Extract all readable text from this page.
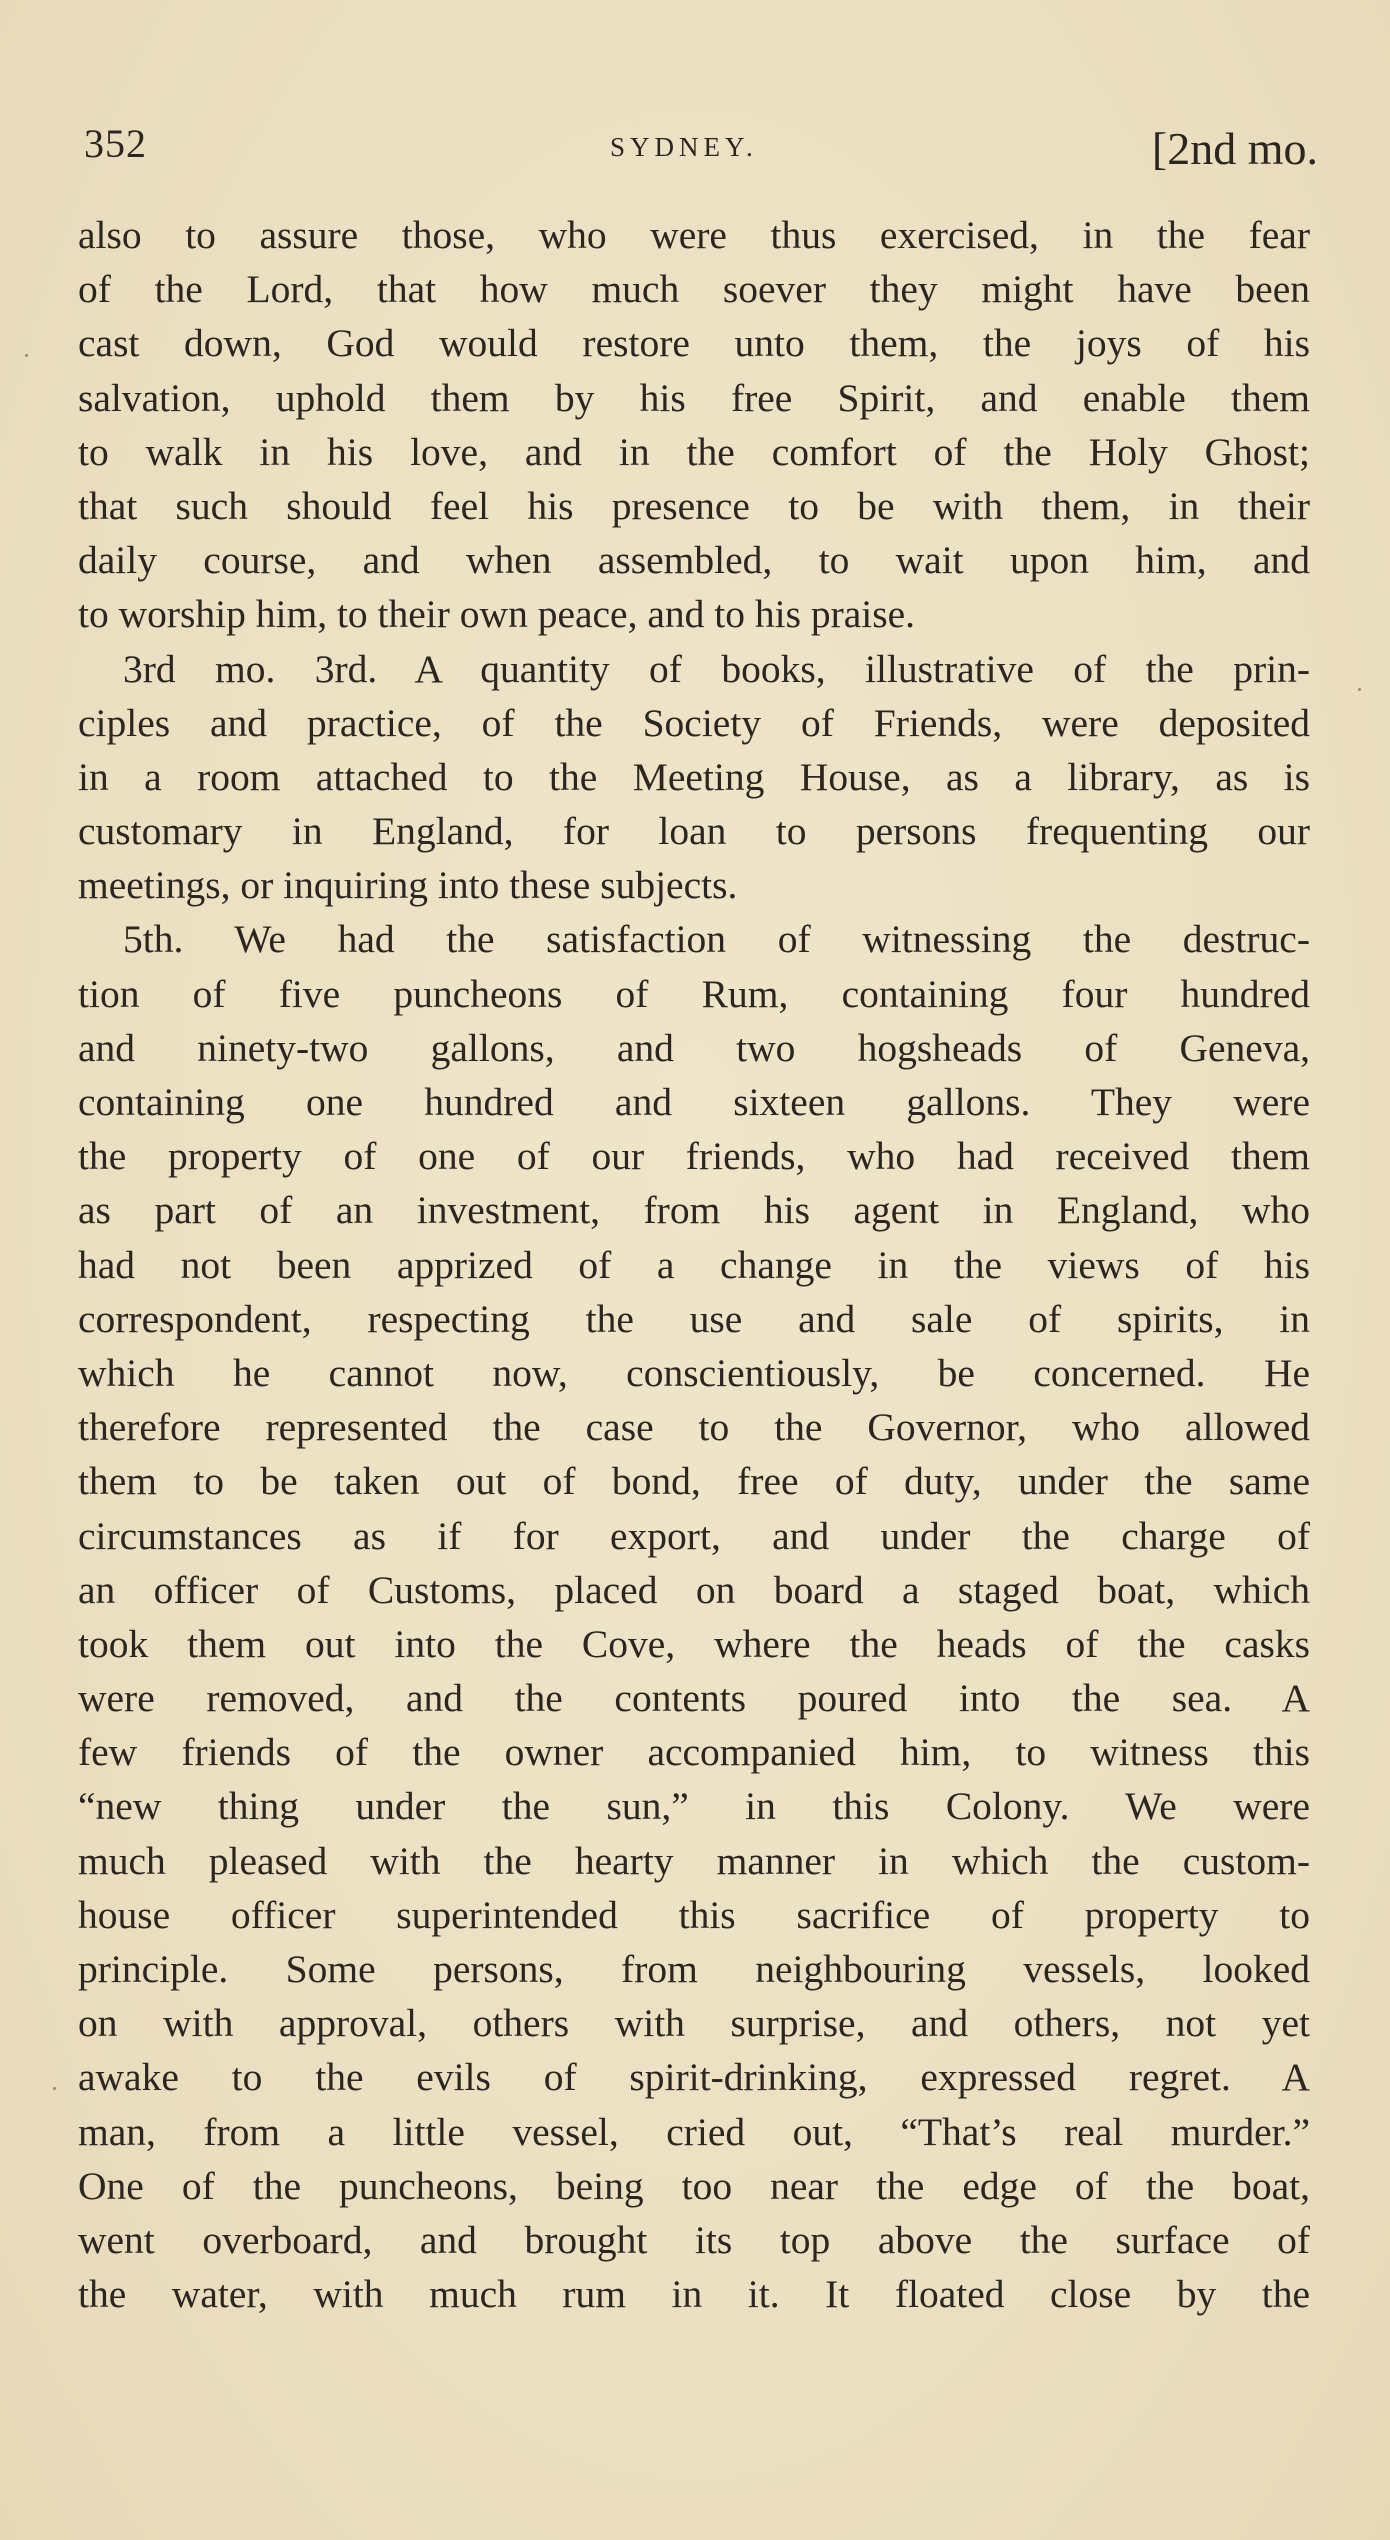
352	SYDNEY.	[2nd mo.
also to assure those, who were thus exercised, in the fear
of the Lord, that how much soever they might have been
cast down, God would restore unto them, the joys of his
salvation, uphold them by his free Spirit, and enable them
to walk in his love, and in the comfort of the Holy Ghost;
that such should feel his presence to be with them, in their
daily course, and when assembled, to wait upon him, and
to worship him, to their own peace, and to his praise.
3rd mo. 3rd. A quantity of books, illustrative of the prin-
ciples and practice, of the Society of Friends, were deposited
in a room attached to the Meeting House, as a library, as is
customary in England, for loan to persons frequenting our
meetings, or inquiring into these subjects.
5th. We had the satisfaction of witnessing the destruc-
tion of five puncheons of Rum, containing four hundred
and ninety-two gallons, and two hogsheads of Geneva,
containing one hundred and sixteen gallons. They were
the property of one of our friends, who had received them
as part of an investment, from his agent in England, who
had not been apprized of a change in the views of his
correspondent, respecting the use and sale of spirits, in
which he cannot now, conscientiously, be concerned. He
therefore represented the case to the Governor, who allowed
them to be taken out of bond, free of duty, under the same
circumstances as if for export, and under the charge of
an officer of Customs, placed on board a staged boat, which
took them out into the Cove, where the heads of the casks
were removed, and the contents poured into the sea. A
few friends of the owner accompanied him, to witness this
“new thing under the sun,” in this Colony. We were
much pleased with the hearty manner in which the custom-
house officer superintended this sacrifice of property to
principle. Some persons, from neighbouring vessels, looked
on with approval, others with surprise, and others, not yet
awake to the evils of spirit-drinking, expressed regret. A
man, from a little vessel, cried out, “That’s real murder.”
One of the puncheons, being too near the edge of the boat,
went overboard, and brought its top above the surface of
the water, with much rum in it. It floated close by the
